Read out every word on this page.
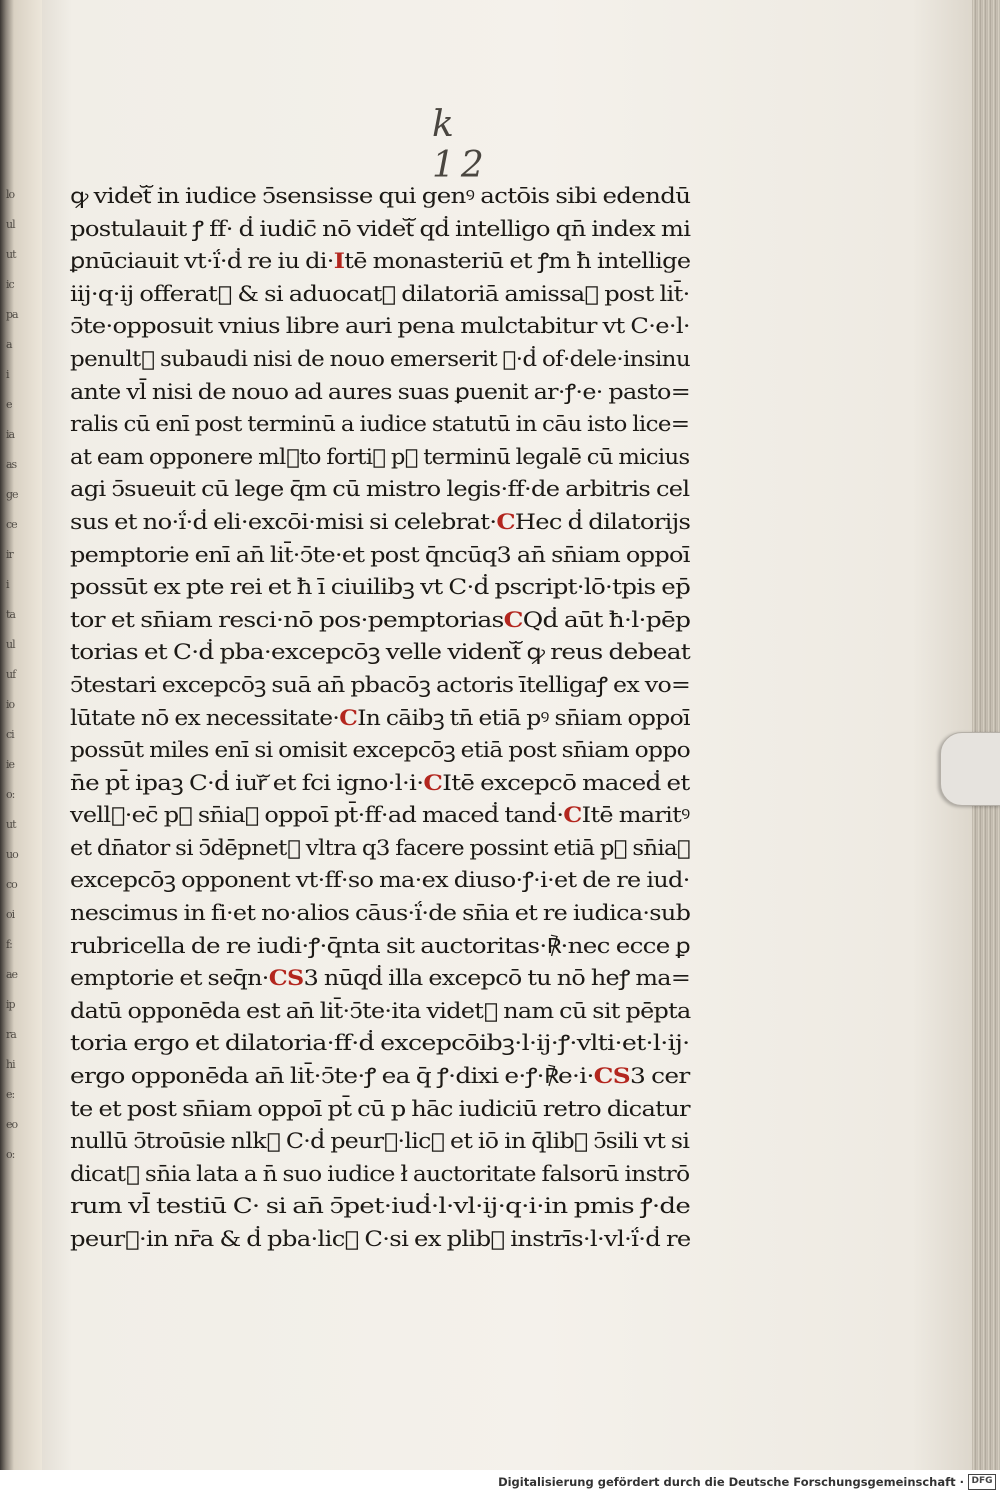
lo
ul
ut
ic
pa
a
i
e
ia
as
ge
ce
ir
i
ta
ul
uf
io
ci
ie
o:
ut
uo
co
oi
f:
ae
ip
ra
hi
e:
eo
o:
k 12
ꝙ videtᷓ in iudice ↄ̄sensisse qui genꝰ actōis sibi edendū
postulauit ꝭ ff· ḋ iudic̄ nō videtᷓ qḋ intelligo qn̄ index mi
ꝑnūciauit vt·ḯ·ḋ re iu di·Itē monasteriū et ꝭm ħ intellige
iij·q·ij offeratᷓ & si aduocatꝰ dilatoriā amissaꝫ post lit̄·
ↄ̄te·opposuit vnius libre auri pena mulctabitur vt C·e·l·
penultᷓ subaudi nisi de nouo emerserit ꝭ·ḋ of·dele·insinu
ante vl̄ nisi de nouo ad aures suas ꝑuenit ar·ꝭ·e· pasto=
ralis cū enī post terminū a iudice statutū in cāu isto lice=
at eam opponere mlᷓto fortiꝰ pꝰ terminū legalē cū micius
agi ↄ̄sueuit cū lege q̄m cū mistro legis·ff·de arbitris cel
sus et no·ḯ·ḋ eli·excōi·misi si celebrat·CHec ḋ dilatorijs
pemptorie enī an̄ lit̄·ↄ̄te·et post q̄ncūq3 an̄ sn̄iam oppoī
possūt ex pte rei et ħ ī ciuilibꝫ vt C·ḋ pscript·lō·tpis ep̄
tor et sn̄iam resci·nō pos·pemptoriasCQḋ aūt ħ·l·pēp
torias et C·ḋ pba·excepcōꝫ velle videntᷓ ꝙ reus debeat
ↄ̄testari excepcōꝫ suā an̄ pbacōꝫ actoris ītelligaꝭ ex vo=
lūtate nō ex necessitate·CIn cāibꝫ tn̄ etiā pꝰ sn̄iam oppoī
possūt miles enī si omisit excepcōꝫ etiā post sn̄iam oppo
n̄e pt̄ ipaꝫ C·ḋ iurᷓ et fci igno·l·i·CItē excepcō maceḋ et
vellᷓ·ec̄ pꝰ sn̄iaꝫ oppoī pt̄·ff·ad maceḋ tanḋ·CItē maritꝰ
et dn̄ator si ↄ̄dēpnetᷓ vltra q3 facere possint etiā pꝰ sn̄iaꝫ
excepcōꝫ opponent vt·ff·so ma·ex diuso·ꝭ·i·et de re iud·
nescimus in fi·et no·alios cāus·ḯ·de sn̄ia et re iudica·sub
rubricella de re iudi·ꝭ·q̄nta sit auctoritas·℟·nec ecce ꝑ
emptorie et seq̄n·CS3 nūqḋ illa excepcō tu nō heꝭ ma=
datū opponēda est an̄ lit̄·ↄ̄te·ita videtᷓ nam cū sit pēpta
toria ergo et dilatoria·ff·ḋ excepcōibꝫ·l·ij·ꝭ·vlti·et·l·ij·
ergo opponēda an̄ lit̄·ↄ̄te·ꝭ ea q̄ ꝭ·dixi e·ꝭ·℟e·i·CS3 cer
te et post sn̄iam oppoī pt̄ cū p hāc iudiciū retro dicatur
nullū ↄ̄troūsie nlkᷓ C·ḋ peurᷓ·licꝫ et iō in q̄libꝫ ↄ̄sili vt si
dicatᷓ sn̄ia lata a n̄ suo iudice ł auctoritate falsorū instrō
rum vl̄ testiū C· si an̄ ↄ̄pet·iuḋ·l·vl·ij·q·i·in pmis ꝭ·de
peurᷓ·in nr̄a & ḋ pba·licꝫ C·si ex plibꝫ instrīs·l·vl·ḯ·ḋ re
Digitalisierung gefördert durch die Deutsche Forschungsgemeinschaft · DFG
